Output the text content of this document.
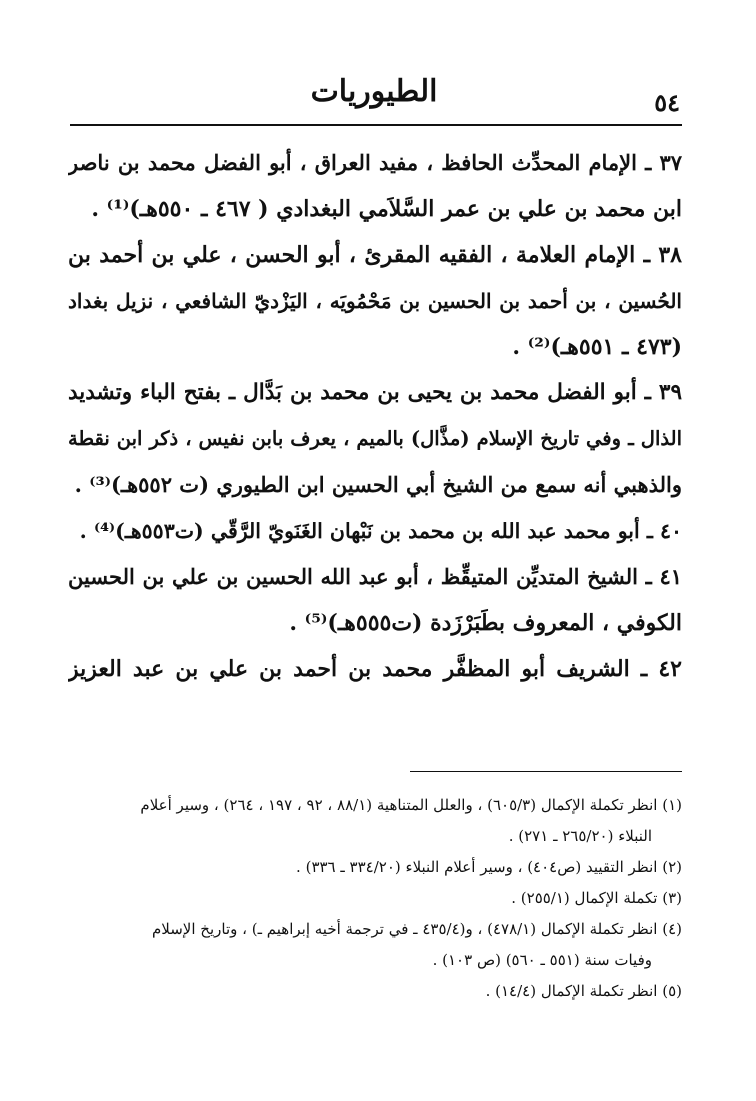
٥٤
الطيوريات
٣٧ ـ الإمام المحدِّث الحافظ ، مفيد العراق ، أبو الفضل محمد بن ناصر
ابن محمد بن علي بن عمر السَّلاَمي البغدادي ( ٤٦٧ ـ ٥٥٠هـ)⁽¹⁾ .
٣٨ ـ الإمام العلامة ، الفقيه المقرئ ، أبو الحسن ، علي بن أحمد بن
الحُسين ، بن أحمد بن الحسين بن مَحْمُويَه ، اليَزْديّ الشافعي ، نزيل بغداد
(٤٧٣ ـ ٥٥١هـ)⁽²⁾ .
٣٩ ـ أبو الفضل محمد بن يحيى بن محمد بن بَدَّال ـ بفتح الباء وتشديد
الذال ـ وفي تاريخ الإسلام (مذَّال) بالميم ، يعرف بابن نفيس ، ذكر ابن نقطة
والذهبي أنه سمع من الشيخ أبي الحسين ابن الطيوري (ت ٥٥٢هـ)⁽³⁾ .
٤٠ ـ أبو محمد عبد الله بن محمد بن نَبْهان الغَنَويّ الرَّقّي (ت٥٥٣هـ)⁽⁴⁾ .
٤١ ـ الشيخ المتديِّن المتيقِّظ ، أبو عبد الله الحسين بن علي بن الحسين
الكوفي ، المعروف بطَبَرْزَدة (ت٥٥٥هـ)⁽⁵⁾ .
٤٢ ـ الشريف أبو المظفَّر محمد بن أحمد بن علي بن عبد العزيز
(١) انظر تكملة الإكمال (٦٠٥/٣) ، والعلل المتناهية (٨٨/١ ، ٩٢ ، ١٩٧ ، ٢٦٤) ، وسير أعلام
النبلاء (٢٦٥/٢٠ ـ ٢٧١) .
(٢) انظر التقييد (ص٤٠٤) ، وسير أعلام النبلاء (٣٣٤/٢٠ ـ ٣٣٦) .
(٣) تكملة الإكمال (٢٥٥/١) .
(٤) انظر تكملة الإكمال (٤٧٨/١) ، و(٤٣٥/٤ ـ في ترجمة أخيه إبراهيم ـ) ، وتاريخ الإسلام
وفيات سنة (٥٥١ ـ ٥٦٠) (ص ١٠٣) .
(٥) انظر تكملة الإكمال (١٤/٤) .
